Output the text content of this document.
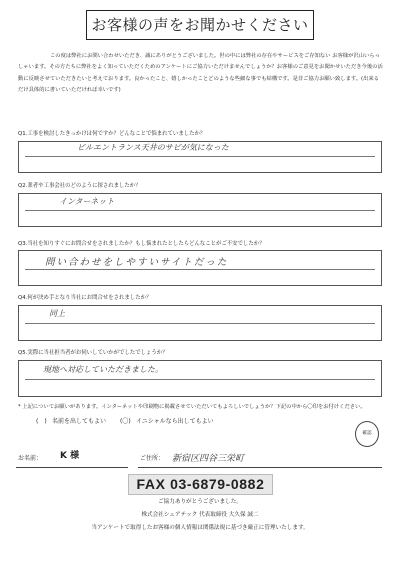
お客様の声をお聞かせください
この度は弊社にお問い合わせいただき、誠にありがとうございました。世の中には弊社の存在やサービスをご存知ない お客様が沢山いらっしゃいます。その方たちに弊社をよく知っていただくためのアンケートにご協力いただけませんでしょうか？お客様のご意見をお聞かせいただき今後の活動に反映させていただきたいと考えております。良かったこと、嬉しかったことどのような些細な事でも結構です。是非ご協力お願い致します。(出来るだけ具体的に書いていただければ幸いです)
Q1.工事を検討したきっかけは何ですか？どんなことで悩まれていましたか？
ビルエントランス天井のサビが気になった
Q2.業者や工事会社のどのように探されましたか？
インターネット
Q3.当社を知りすぐにお問合せをされましたか？もし悩まれたとしたらどんなことがご不安でしたか？
問い合わせをしやすいサイトだった
Q4.何が決め手となり当社にお問合せをされましたか？
同上
Q5.実際に当社担当者がお伺いしていかがでしたでしょうか？
現地へ対応していただきました。
* 上記についてお願いがあります。インターネットや印刷物に掲載させていただいてもよろしいでしょうか？下記の中から〇印をお付けください。
(　) 名前を出してもよい (〇) イニシャルなら出してもよい
確認
お名前： K 様	ご住所： 新宿区四谷三栄町
FAX 03-6879-0882
ご協力ありがとうございました。
株式会社シェアテック 代表取締役 大久保 誠二
当アンケートで取得したお客様の個人情報は関係法規に基づき厳正に管理いたします。
